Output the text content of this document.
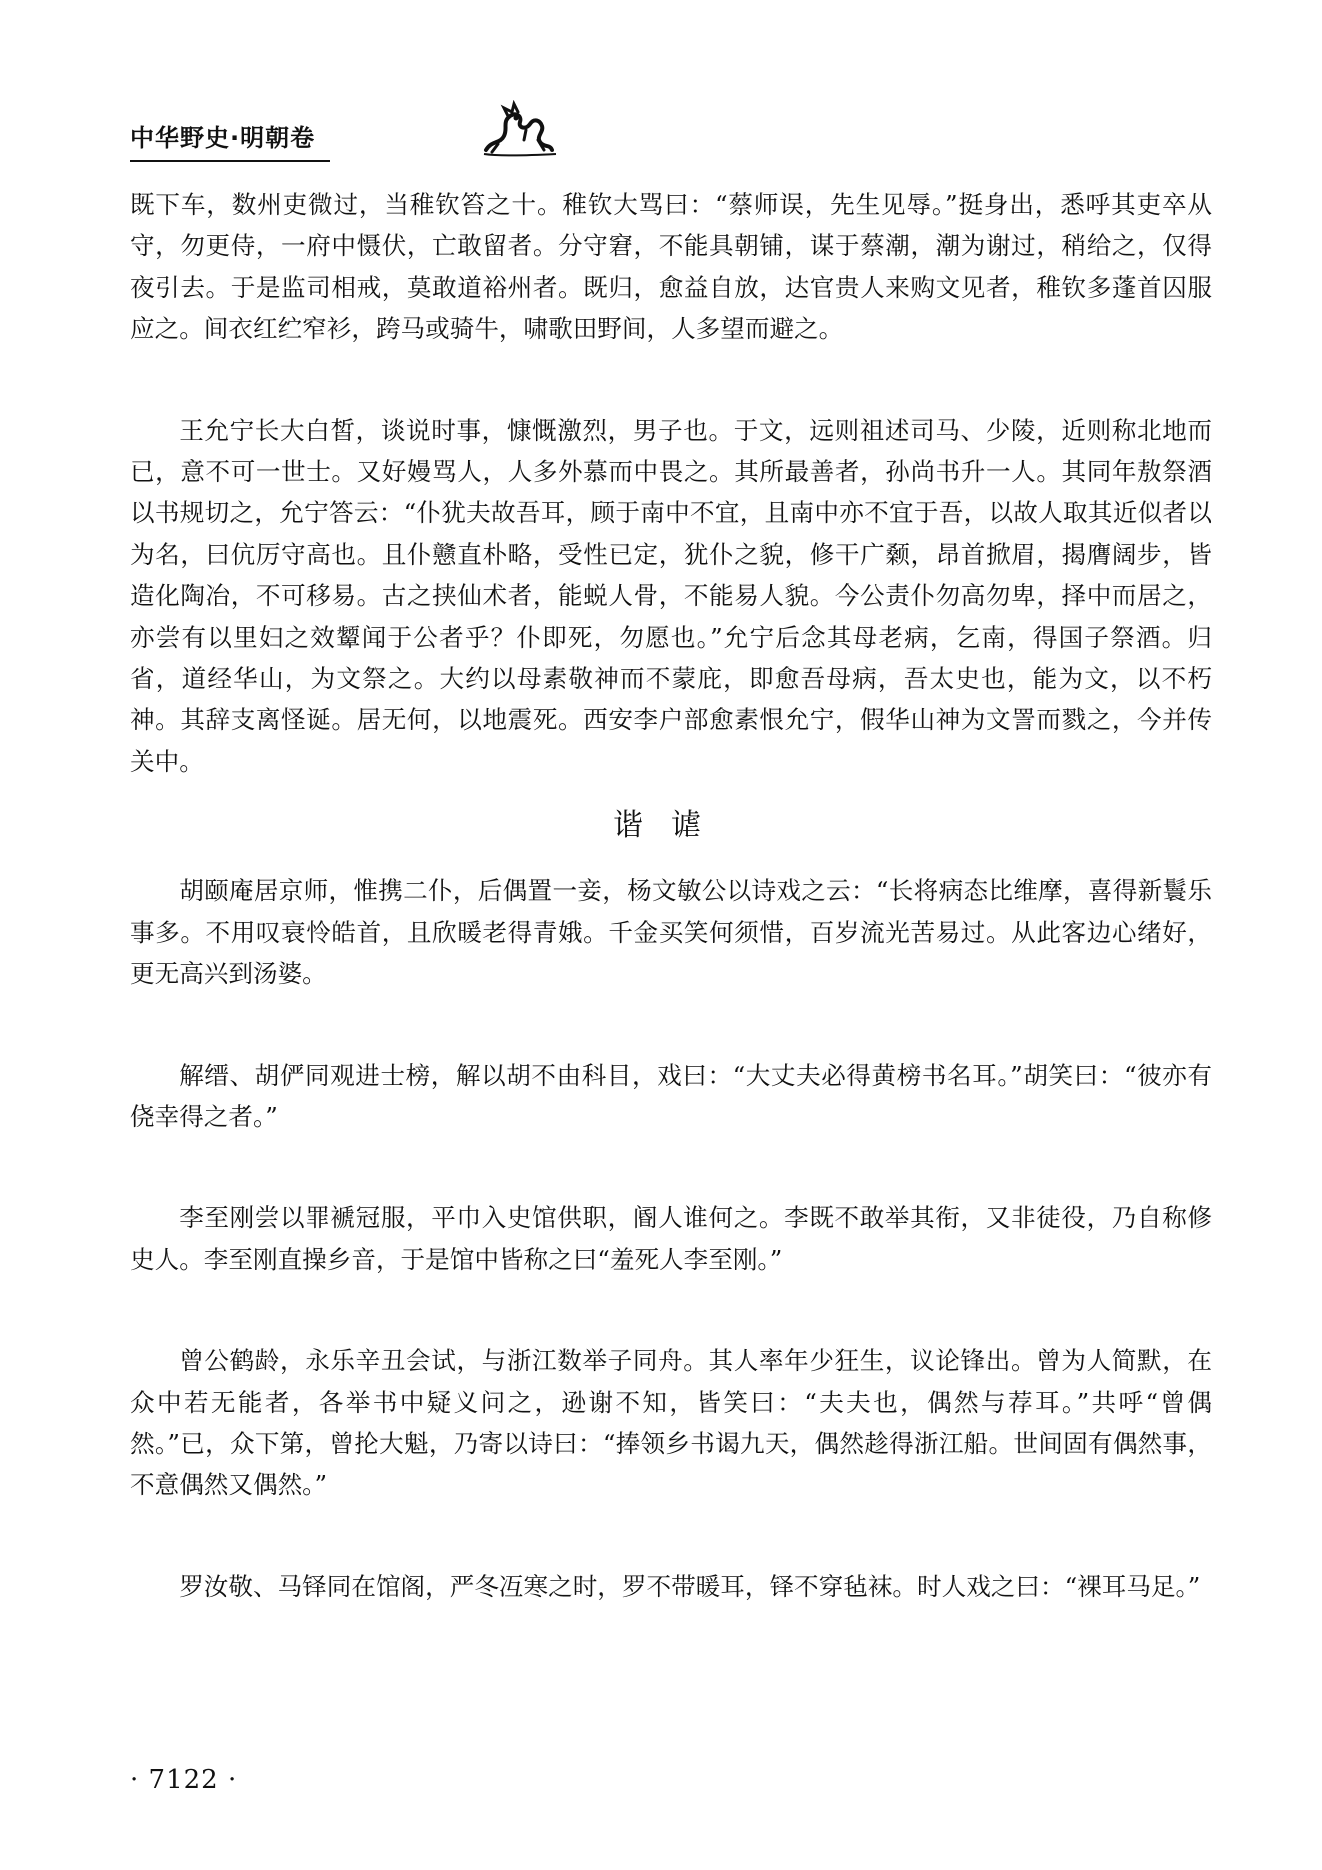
中华野史·明朝卷

既下车，数州吏微过，当稚钦笞之十。稚钦大骂曰：“蔡师误，先生见辱。”挺身出，悉呼其吏卒从守，勿更侍，一府中慑伏，亡敢留者。分守窘，不能具朝铺，谋于蔡潮，潮为谢过，稍给之，仅得夜引去。于是监司相戒，莫敢道裕州者。既归，愈益自放，达官贵人来购文见者，稚钦多蓬首囚服应之。间衣红纻窄衫，跨马或骑牛，啸歌田野间，人多望而避之。

王允宁长大白皙，谈说时事，慷慨激烈，男子也。于文，远则祖述司马、少陵，近则称北地而已，意不可一世士。又好嫚骂人，人多外慕而中畏之。其所最善者，孙尚书升一人。其同年敖祭酒以书规切之，允宁答云：“仆犹夫故吾耳，顾于南中不宜，且南中亦不宜于吾，以故人取其近似者以为名，曰伉厉守高也。且仆戆直朴略，受性已定，犹仆之貌，修干广颡，昂首掀眉，揭膺阔步，皆造化陶冶，不可移易。古之挟仙术者，能蜕人骨，不能易人貌。今公责仆勿高勿卑，择中而居之，亦尝有以里妇之效颦闻于公者乎？仆即死，勿愿也。”允宁后念其母老病，乞南，得国子祭酒。归省，道经华山，为文祭之。大约以母素敬神而不蒙庇，即愈吾母病，吾太史也，能为文，以不朽神。其辞支离怪诞。居无何，以地震死。西安李户部愈素恨允宁，假华山神为文詈而戮之，今并传关中。

谐谑

胡颐庵居京师，惟携二仆，后偶置一妾，杨文敏公以诗戏之云：“长将病态比维摩，喜得新鬟乐事多。不用叹衰怜皓首，且欣暖老得青娥。千金买笑何须惜，百岁流光苦易过。从此客边心绪好，更无高兴到汤婆。

解缙、胡俨同观进士榜，解以胡不由科目，戏曰：“大丈夫必得黄榜书名耳。”胡笑曰：“彼亦有侥幸得之者。”

李至刚尝以罪褫冠服，平巾入史馆供职，阍人谁何之。李既不敢举其衔，又非徒役，乃自称修史人。李至刚直操乡音，于是馆中皆称之曰“羞死人李至刚。”

曾公鹤龄，永乐辛丑会试，与浙江数举子同舟。其人率年少狂生，议论锋出。曾为人简默，在众中若无能者，各举书中疑义问之，逊谢不知，皆笑曰：“夫夫也，偶然与荐耳。”共呼“曾偶然。”已，众下第，曾抡大魁，乃寄以诗曰：“捧领乡书谒九天，偶然趁得浙江船。世间固有偶然事，不意偶然又偶然。”

罗汝敬、马铎同在馆阁，严冬冱寒之时，罗不带暖耳，铎不穿毡袜。时人戏之曰：“裸耳马足。”

· 7122 ·
